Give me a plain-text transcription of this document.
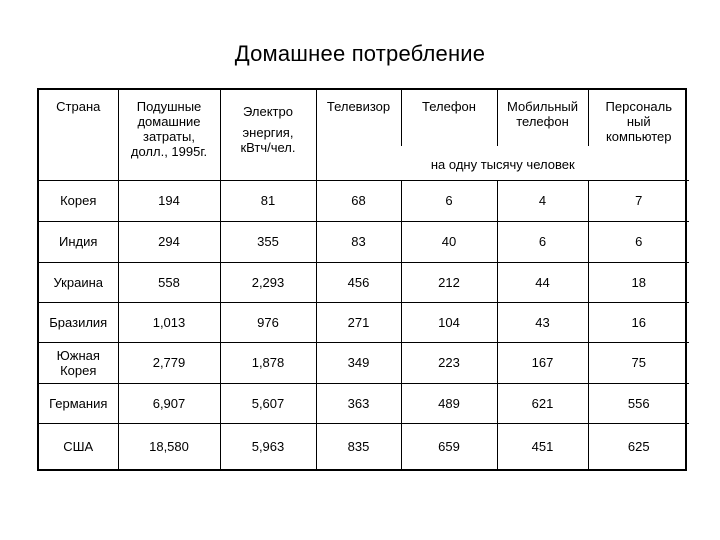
Домашнее потребление
Страна	Подушные
домашние
затраты,
долл., 1995г.	Электро
энергия,
кВтч/чел.	Телевизор	Телефон	Мобильный
телефон	Персональ
ный
компьютер

			на одну тысячу человек			
Корея	194	81	68	6	4	7
Индия	294	355	83	40	6	6
Украина	558	2,293	456	212	44	18
Бразилия	1,013	976	271	104	43	16

Южная
Корея	2,779	1,878	349	223	167	75
Германия	6,907	5,607	363	489	621	556
США	18,580	5,963	835	659	451	625
